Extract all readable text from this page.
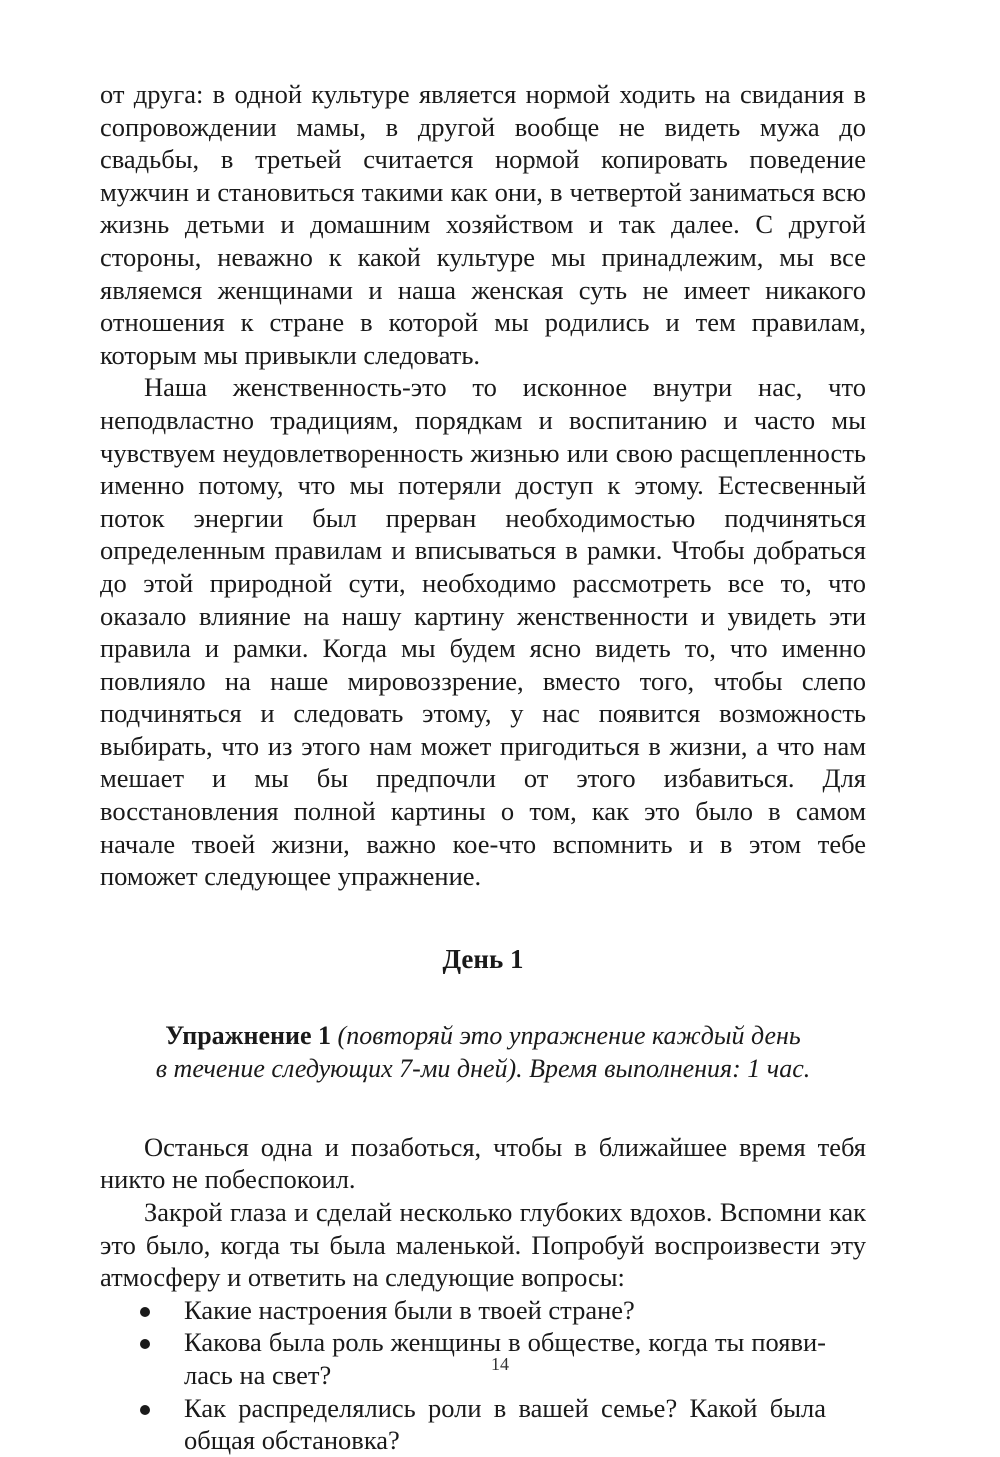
от друга: в одной культуре является нормой ходить на свидания в сопровождении мамы, в другой вообще не видеть мужа до свадьбы, в третьей считается нормой копировать поведение мужчин и становиться такими как они, в четвертой заниматься всю жизнь детьми и домашним хозяйством и так далее. С другой стороны, неважно к какой культуре мы принадлежим, мы все являемся женщинами и наша женская суть не имеет никакого отношения к стране в которой мы родились и тем правилам, которым мы привыкли следовать.

Наша женственность-это то исконное внутри нас, что неподвластно традициям, порядкам и воспитанию и часто мы чувствуем неудовлетворенность жизнью или свою расщепленность именно потому, что мы потеряли доступ к этому. Естесвенный поток энергии был прерван необходимостью подчиняться определенным правилам и вписываться в рамки. Чтобы добраться до этой природной сути, необходимо рассмотреть все то, что оказало влияние на нашу картину женственности и увидеть эти правила и рамки. Когда мы будем ясно видеть то, что именно повлияло на наше мировоззрение, вместо того, чтобы слепо подчиняться и следовать этому, у нас появится возможность выбирать, что из этого нам может пригодиться в жизни, а что нам мешает и мы бы предпочли от этого избавиться. Для восстановления полной картины о том, как это было в самом начале твоей жизни, важно кое-что вспомнить и в этом тебе поможет следующее упражнение.

День 1
Упражнение 1 (повторяй это упражнение каждый день
в течение следующих 7-ми дней). Время выполнения: 1 час.

Останься одна и позаботься, чтобы в ближайшее время тебя никто не побеспокоил.

Закрой глаза и сделай несколько глубоких вдохов. Вспомни как это было, когда ты была маленькой. Попробуй воспроизвести эту атмосферу и ответить на следующие вопросы:

Какие настроения были в твоей стране?
Какова была роль женщины в обществе, когда ты появилась на свет?
Как распределялись роли в вашей семье? Какой была общая обстановка?
14
